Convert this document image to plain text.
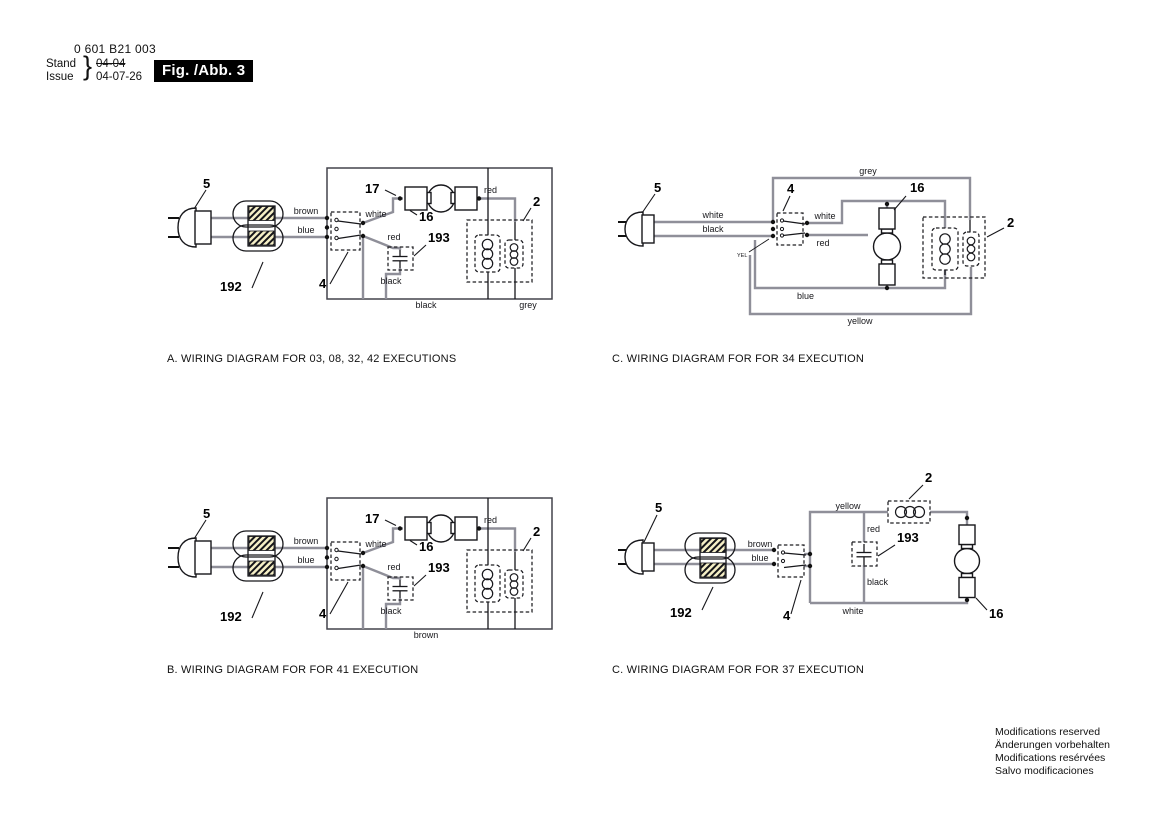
0 601 B21 003
Stand
Issue } 04-04
04-07-26	Fig. /Abb. 3
5
192	4
17
16
193
2
brown
blue
white
red
red
black
black	grey
A. WIRING DIAGRAM FOR 03, 08, 32, 42 EXECUTIONS
5	4	16
2
white
black
grey
white
red
blue
yellow
YEL
C. WIRING DIAGRAM FOR FOR 34 EXECUTION
5
192	4
17
16
193
2
brown
blue
white
red
red
black
brown
B. WIRING DIAGRAM FOR FOR 41 EXECUTION
5
192	4
2
193
16
brown
blue
yellow
red
black
white
C. WIRING DIAGRAM FOR FOR 37 EXECUTION
Modifications reserved
Änderungen vorbehalten
Modifications resérvées
Salvo modificaciones
